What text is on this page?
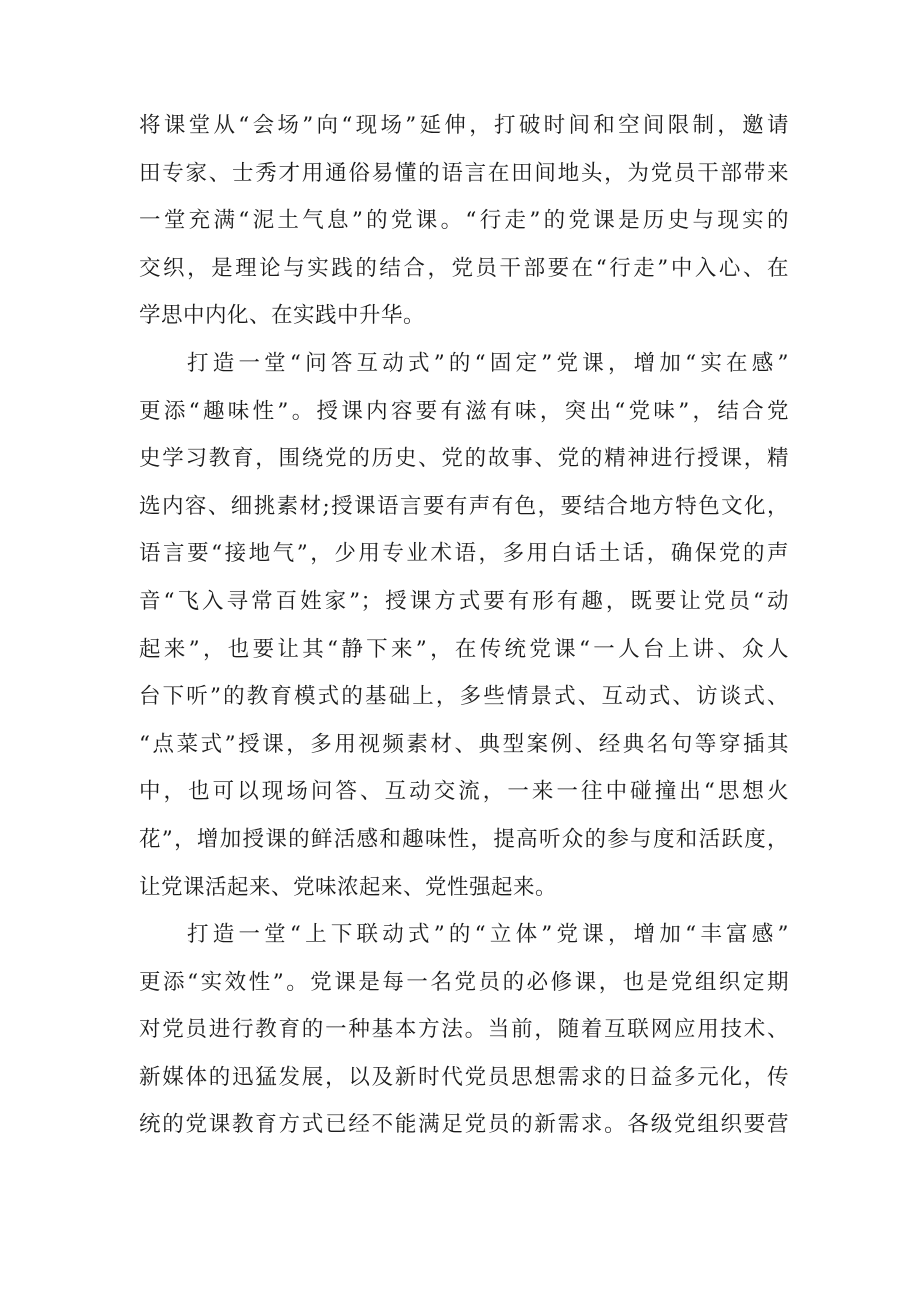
将课堂从“会场”向“现场”延伸，打破时间和空间限制，邀请
田专家、士秀才用通俗易懂的语言在田间地头，为党员干部带来
一堂充满“泥土气息”的党课。“行走”的党课是历史与现实的
交织，是理论与实践的结合，党员干部要在“行走”中入心、在
学思中内化、在实践中升华。
打造一堂“问答互动式”的“固定”党课，增加“实在感”
更添“趣味性”。授课内容要有滋有味，突出“党味”，结合党
史学习教育，围绕党的历史、党的故事、党的精神进行授课，精
选内容、细挑素材;授课语言要有声有色，要结合地方特色文化，
语言要“接地气”，少用专业术语，多用白话土话，确保党的声
音“飞入寻常百姓家”；授课方式要有形有趣，既要让党员“动
起来”，也要让其“静下来”，在传统党课“一人台上讲、众人
台下听”的教育模式的基础上，多些情景式、互动式、访谈式、
“点菜式”授课，多用视频素材、典型案例、经典名句等穿插其
中，也可以现场问答、互动交流，一来一往中碰撞出“思想火
花”，增加授课的鲜活感和趣味性，提高听众的参与度和活跃度，
让党课活起来、党味浓起来、党性强起来。
打造一堂“上下联动式”的“立体”党课，增加“丰富感”
更添“实效性”。党课是每一名党员的必修课，也是党组织定期
对党员进行教育的一种基本方法。当前，随着互联网应用技术、
新媒体的迅猛发展，以及新时代党员思想需求的日益多元化，传
统的党课教育方式已经不能满足党员的新需求。各级党组织要营
